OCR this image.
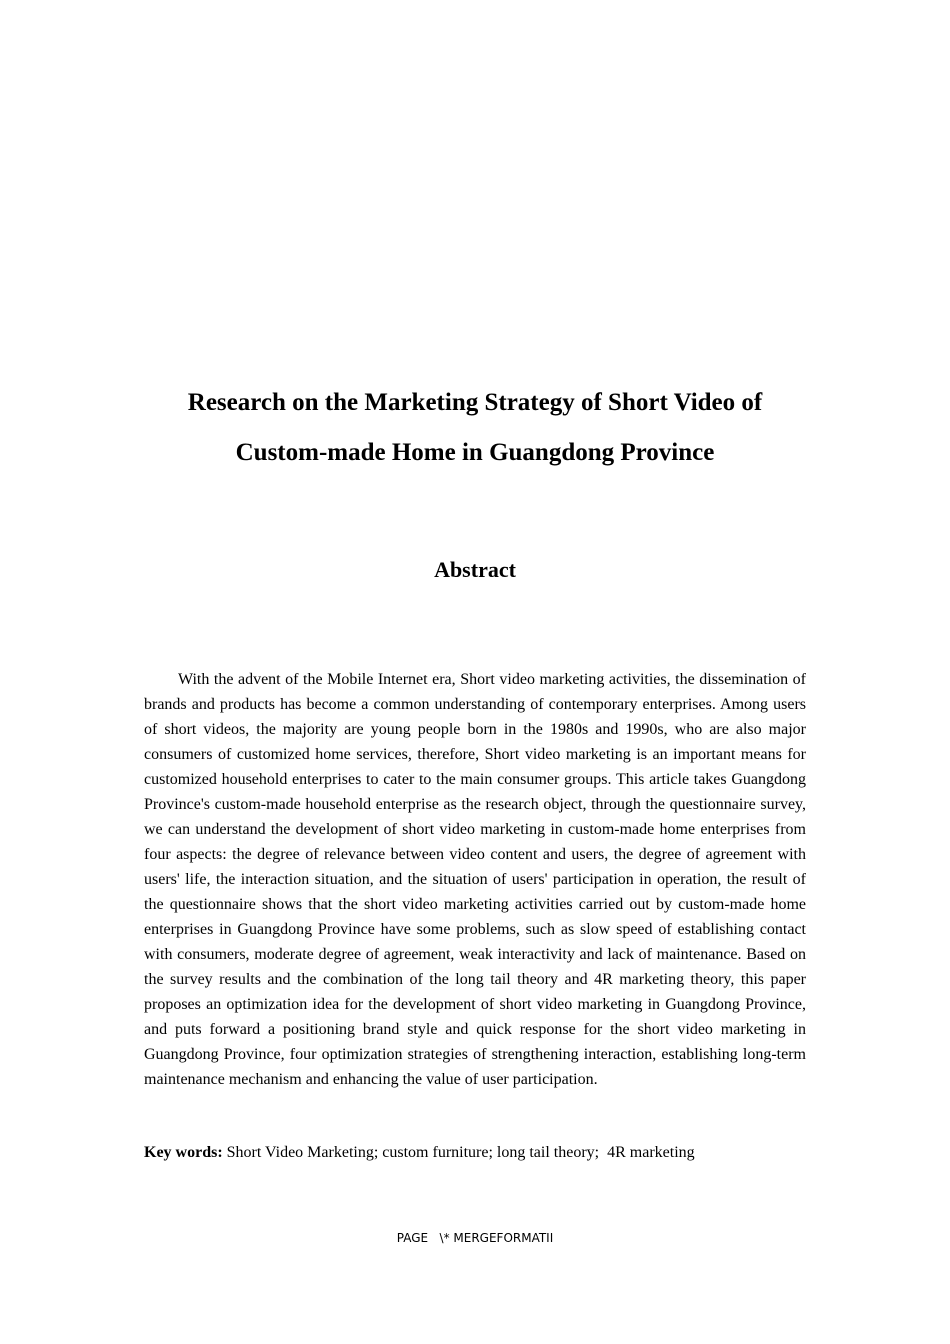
Research on the Marketing Strategy of Short Video of
Custom-made Home in Guangdong Province
Abstract

With the advent of the Mobile Internet era, Short video marketing activities, the dissemination of brands and products has become a common understanding of contemporary enterprises. Among users of short videos, the majority are young people born in the 1980s and 1990s, who are also major consumers of customized home services, therefore, Short video marketing is an important means for customized household enterprises to cater to the main consumer groups. This article takes Guangdong Province's custom-made household enterprise as the research object, through the questionnaire survey, we can understand the development of short video marketing in custom-made home enterprises from four aspects: the degree of relevance between video content and users, the degree of agreement with users' life, the interaction situation, and the situation of users' participation in operation, the result of the questionnaire shows that the short video marketing activities carried out by custom-made home enterprises in Guangdong Province have some problems, such as slow speed of establishing contact with consumers, moderate degree of agreement, weak interactivity and lack of maintenance. Based on the survey results and the combination of the long tail theory and 4R marketing theory, this paper proposes an optimization idea for the development of short video marketing in Guangdong Province, and puts forward a positioning brand style and quick response for the short video marketing in Guangdong Province, four optimization strategies of strengthening interaction, establishing long-term maintenance mechanism and enhancing the value of user participation.

Key words: Short Video Marketing; custom furniture; long tail theory;  4R marketing

PAGE   \* MERGEFORMATII
